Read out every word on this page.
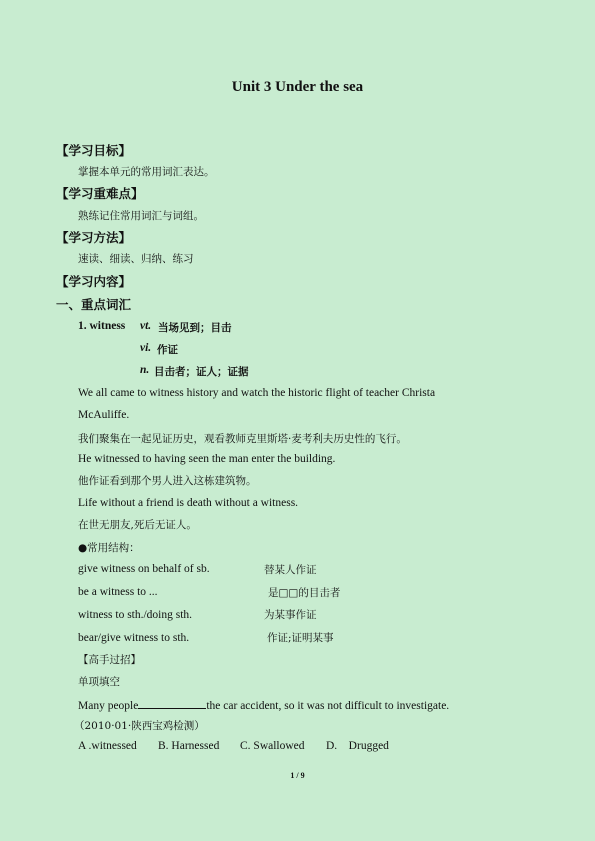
Unit 3 Under the sea
【学习目标】
掌握本单元的常用词汇表达。
【学习重难点】
熟练记住常用词汇与词组。
【学习方法】
速读、细读、归纳、练习
【学习内容】
一、重点词汇
1. witness vt. 当场见到；目击
vi. 作证
n. 目击者；证人；证据
We all came to witness history and watch the historic flight of teacher Christa
McAuliffe.
我们聚集在一起见证历史，观看教师克里斯塔·麦考利夫历史性的飞行。
He witnessed to having seen the man enter the building.
他作证看到那个男人进入这栋建筑物。
Life without a friend is death without a witness.
在世无朋友,死后无证人。
●常用结构：
give witness on behalf of sb.	替某人作证
be a witness to ...	是□□的目击者
witness to sth./doing sth.	为某事作证
bear/give witness to sth.	作证;证明某事
【高手过招】
单项填空
Many people	the car accident, so it was not difficult to investigate.
（2010·01·陕西宝鸡检测）
A .witnessed B. Harnessed C. Swallowed D.    Drugged
1 / 9
